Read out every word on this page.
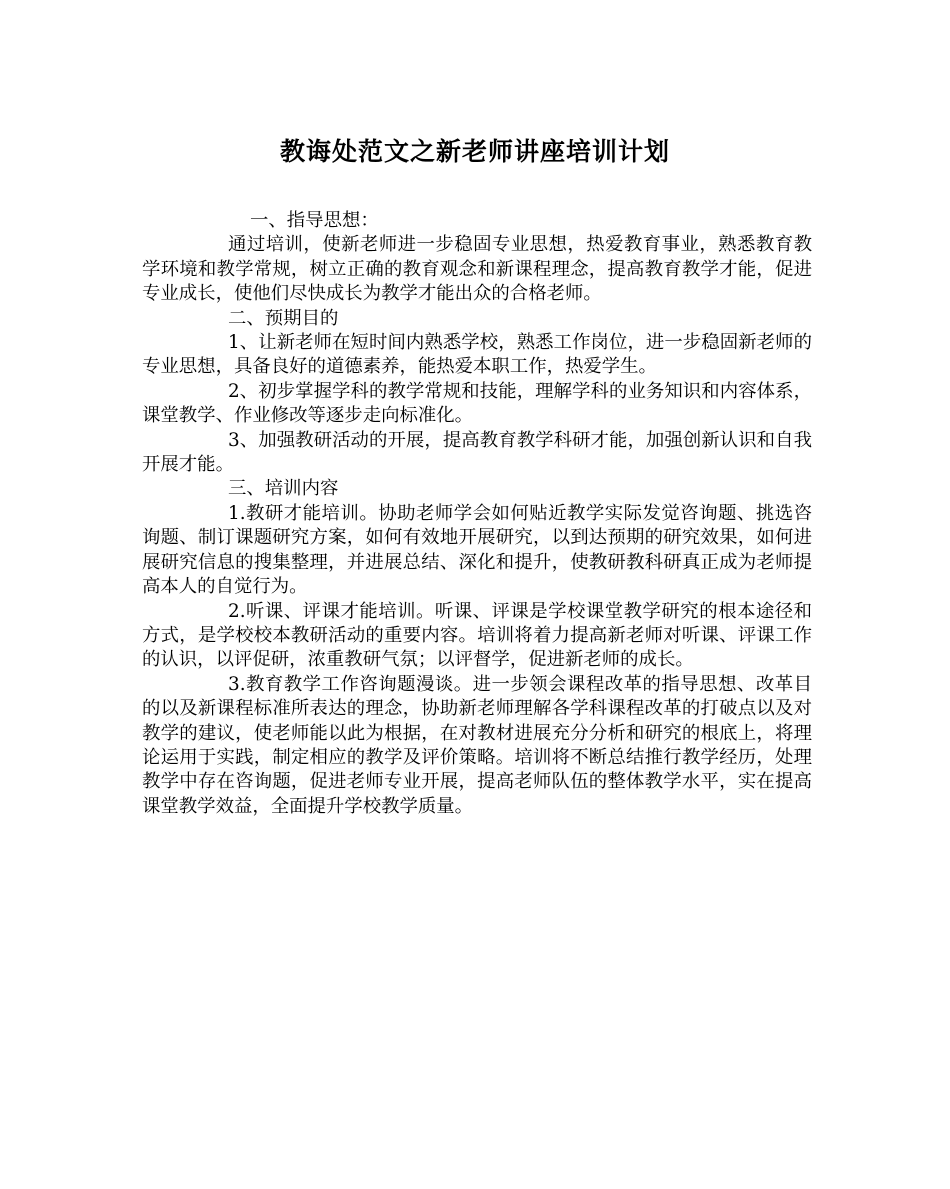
教诲处范文之新老师讲座培训计划

一、指导思想：

通过培训，使新老师进一步稳固专业思想，热爱教育事业，熟悉教育教学环境和教学常规，树立正确的教育观念和新课程理念，提高教育教学才能，促进专业成长，使他们尽快成长为教学才能出众的合格老师。

二、预期目的

1、让新老师在短时间内熟悉学校，熟悉工作岗位，进一步稳固新老师的专业思想，具备良好的道德素养，能热爱本职工作，热爱学生。

2、初步掌握学科的教学常规和技能，理解学科的业务知识和内容体系，课堂教学、作业修改等逐步走向标准化。

3、加强教研活动的开展，提高教育教学科研才能，加强创新认识和自我开展才能。

三、培训内容

1.教研才能培训。协助老师学会如何贴近教学实际发觉咨询题、挑选咨询题、制订课题研究方案，如何有效地开展研究，以到达预期的研究效果，如何进展研究信息的搜集整理，并进展总结、深化和提升，使教研教科研真正成为老师提高本人的自觉行为。

2.听课、评课才能培训。听课、评课是学校课堂教学研究的根本途径和方式，是学校校本教研活动的重要内容。培训将着力提高新老师对听课、评课工作的认识，以评促研，浓重教研气氛；以评督学，促进新老师的成长。

3.教育教学工作咨询题漫谈。进一步领会课程改革的指导思想、改革目的以及新课程标准所表达的理念，协助新老师理解各学科课程改革的打破点以及对教学的建议，使老师能以此为根据，在对教材进展充分分析和研究的根底上，将理论运用于实践，制定相应的教学及评价策略。培训将不断总结推行教学经历，处理教学中存在咨询题，促进老师专业开展，提高老师队伍的整体教学水平，实在提高课堂教学效益，全面提升学校教学质量。
